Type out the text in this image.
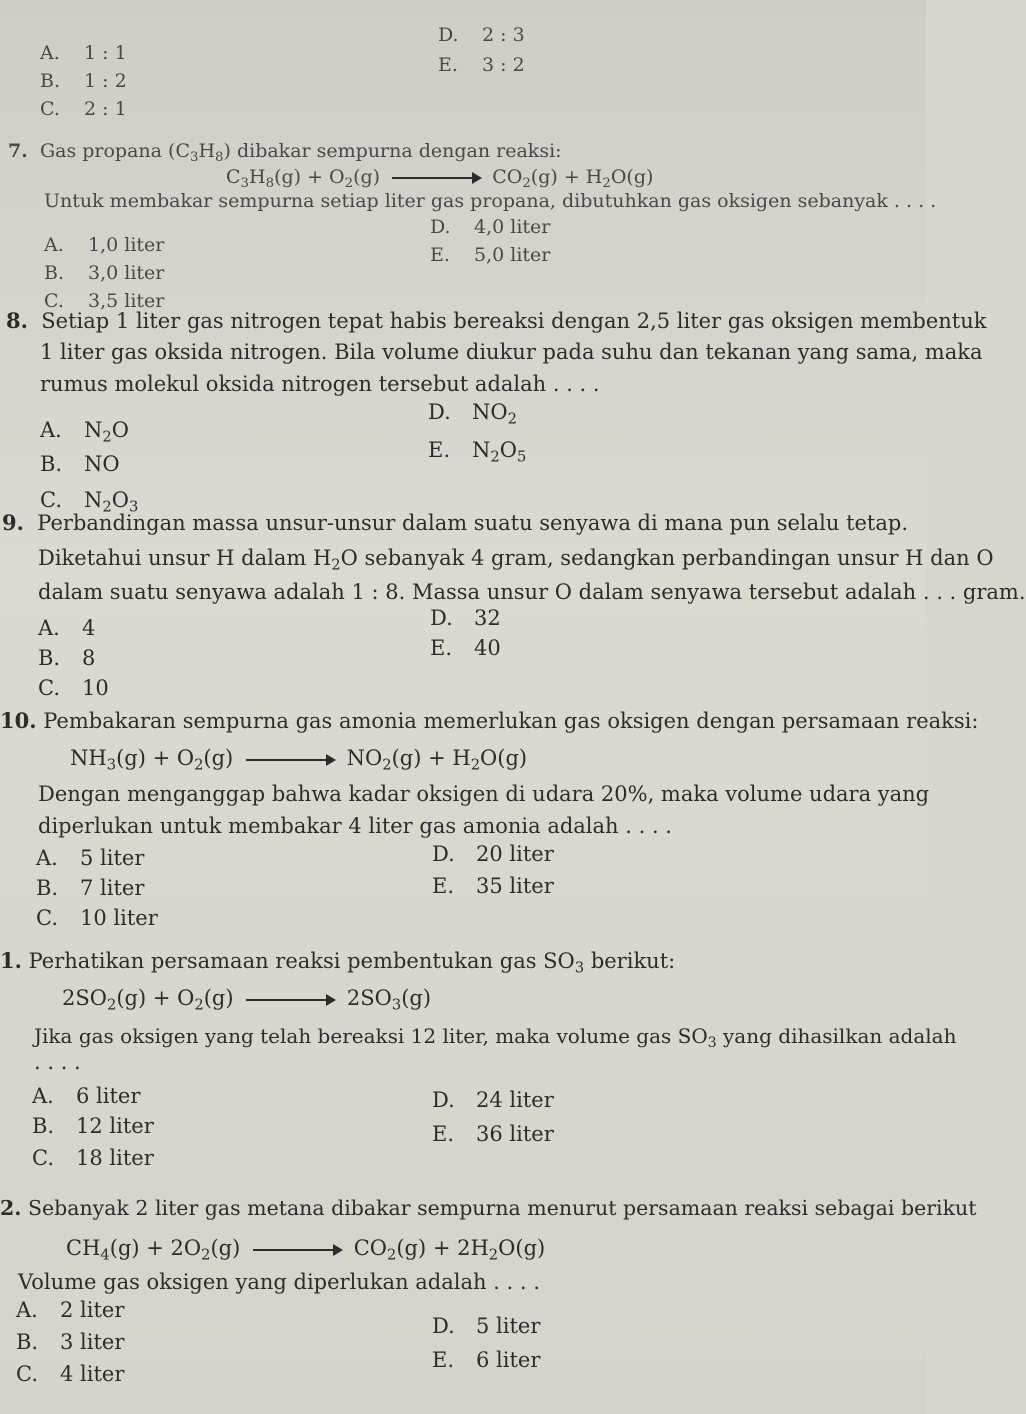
A. 1 : 1
B. 1 : 2
C. 2 : 1
D. 2 : 3
E. 3 : 2
7. Gas propana $(C_3H_8)$ dibakar sempurna dengan reaksi:
$C_3H_8(g) + O_2(g)$	$CO_2(g) + H_2O(g)$
Untuk membakar sempurna setiap liter gas propana, dibutuhkan gas oksigen sebanyak . . . .
A. 1,0 liter
B. 3,0 liter
C. 3,5 liter
D. 4,0 liter
E. 5,0 liter
8. Setiap 1 liter gas nitrogen tepat habis bereaksi dengan 2,5 liter gas oksigen membentuk
1 liter gas oksida nitrogen. Bila volume diukur pada suhu dan tekanan yang sama, maka
rumus molekul oksida nitrogen tersebut adalah . . . .
A. $N_2O$
B. NO
C. $N_2O_3$
D. $NO_2$
E. $N_2O_5$
9. Perbandingan massa unsur-unsur dalam suatu senyawa di mana pun selalu tetap.
Diketahui unsur H dalam $H_2O$ sebanyak 4 gram, sedangkan perbandingan unsur H dan O
dalam suatu senyawa adalah 1 : 8. Massa unsur O dalam senyawa tersebut adalah . . . gram.
A. 4
B. 8
C. 10
D. 32
E. 40
10. Pembakaran sempurna gas amonia memerlukan gas oksigen dengan persamaan reaksi:
$NH_3(g) + O_2(g)$	$NO_2(g) + H_2O(g)$
Dengan menganggap bahwa kadar oksigen di udara 20%, maka volume udara yang
diperlukan untuk membakar 4 liter gas amonia adalah . . . .
A. 5 liter
B. 7 liter
C. 10 liter
D. 20 liter
E. 35 liter
1. Perhatikan persamaan reaksi pembentukan gas $SO_3$ berikut:
$2SO_2(g) + O_2(g)$	$2SO_3(g)$
Jika gas oksigen yang telah bereaksi 12 liter, maka volume gas $SO_3$ yang dihasilkan adalah
. . . .
A. 6 liter
B. 12 liter
C. 18 liter
D. 24 liter
E. 36 liter
2. Sebanyak 2 liter gas metana dibakar sempurna menurut persamaan reaksi sebagai berikut
$CH_4(g) + 2O_2(g)$	$CO_2(g) + 2H_2O(g)$
Volume gas oksigen yang diperlukan adalah . . . .
A. 2 liter
B. 3 liter
C. 4 liter
D. 5 liter
E. 6 liter
